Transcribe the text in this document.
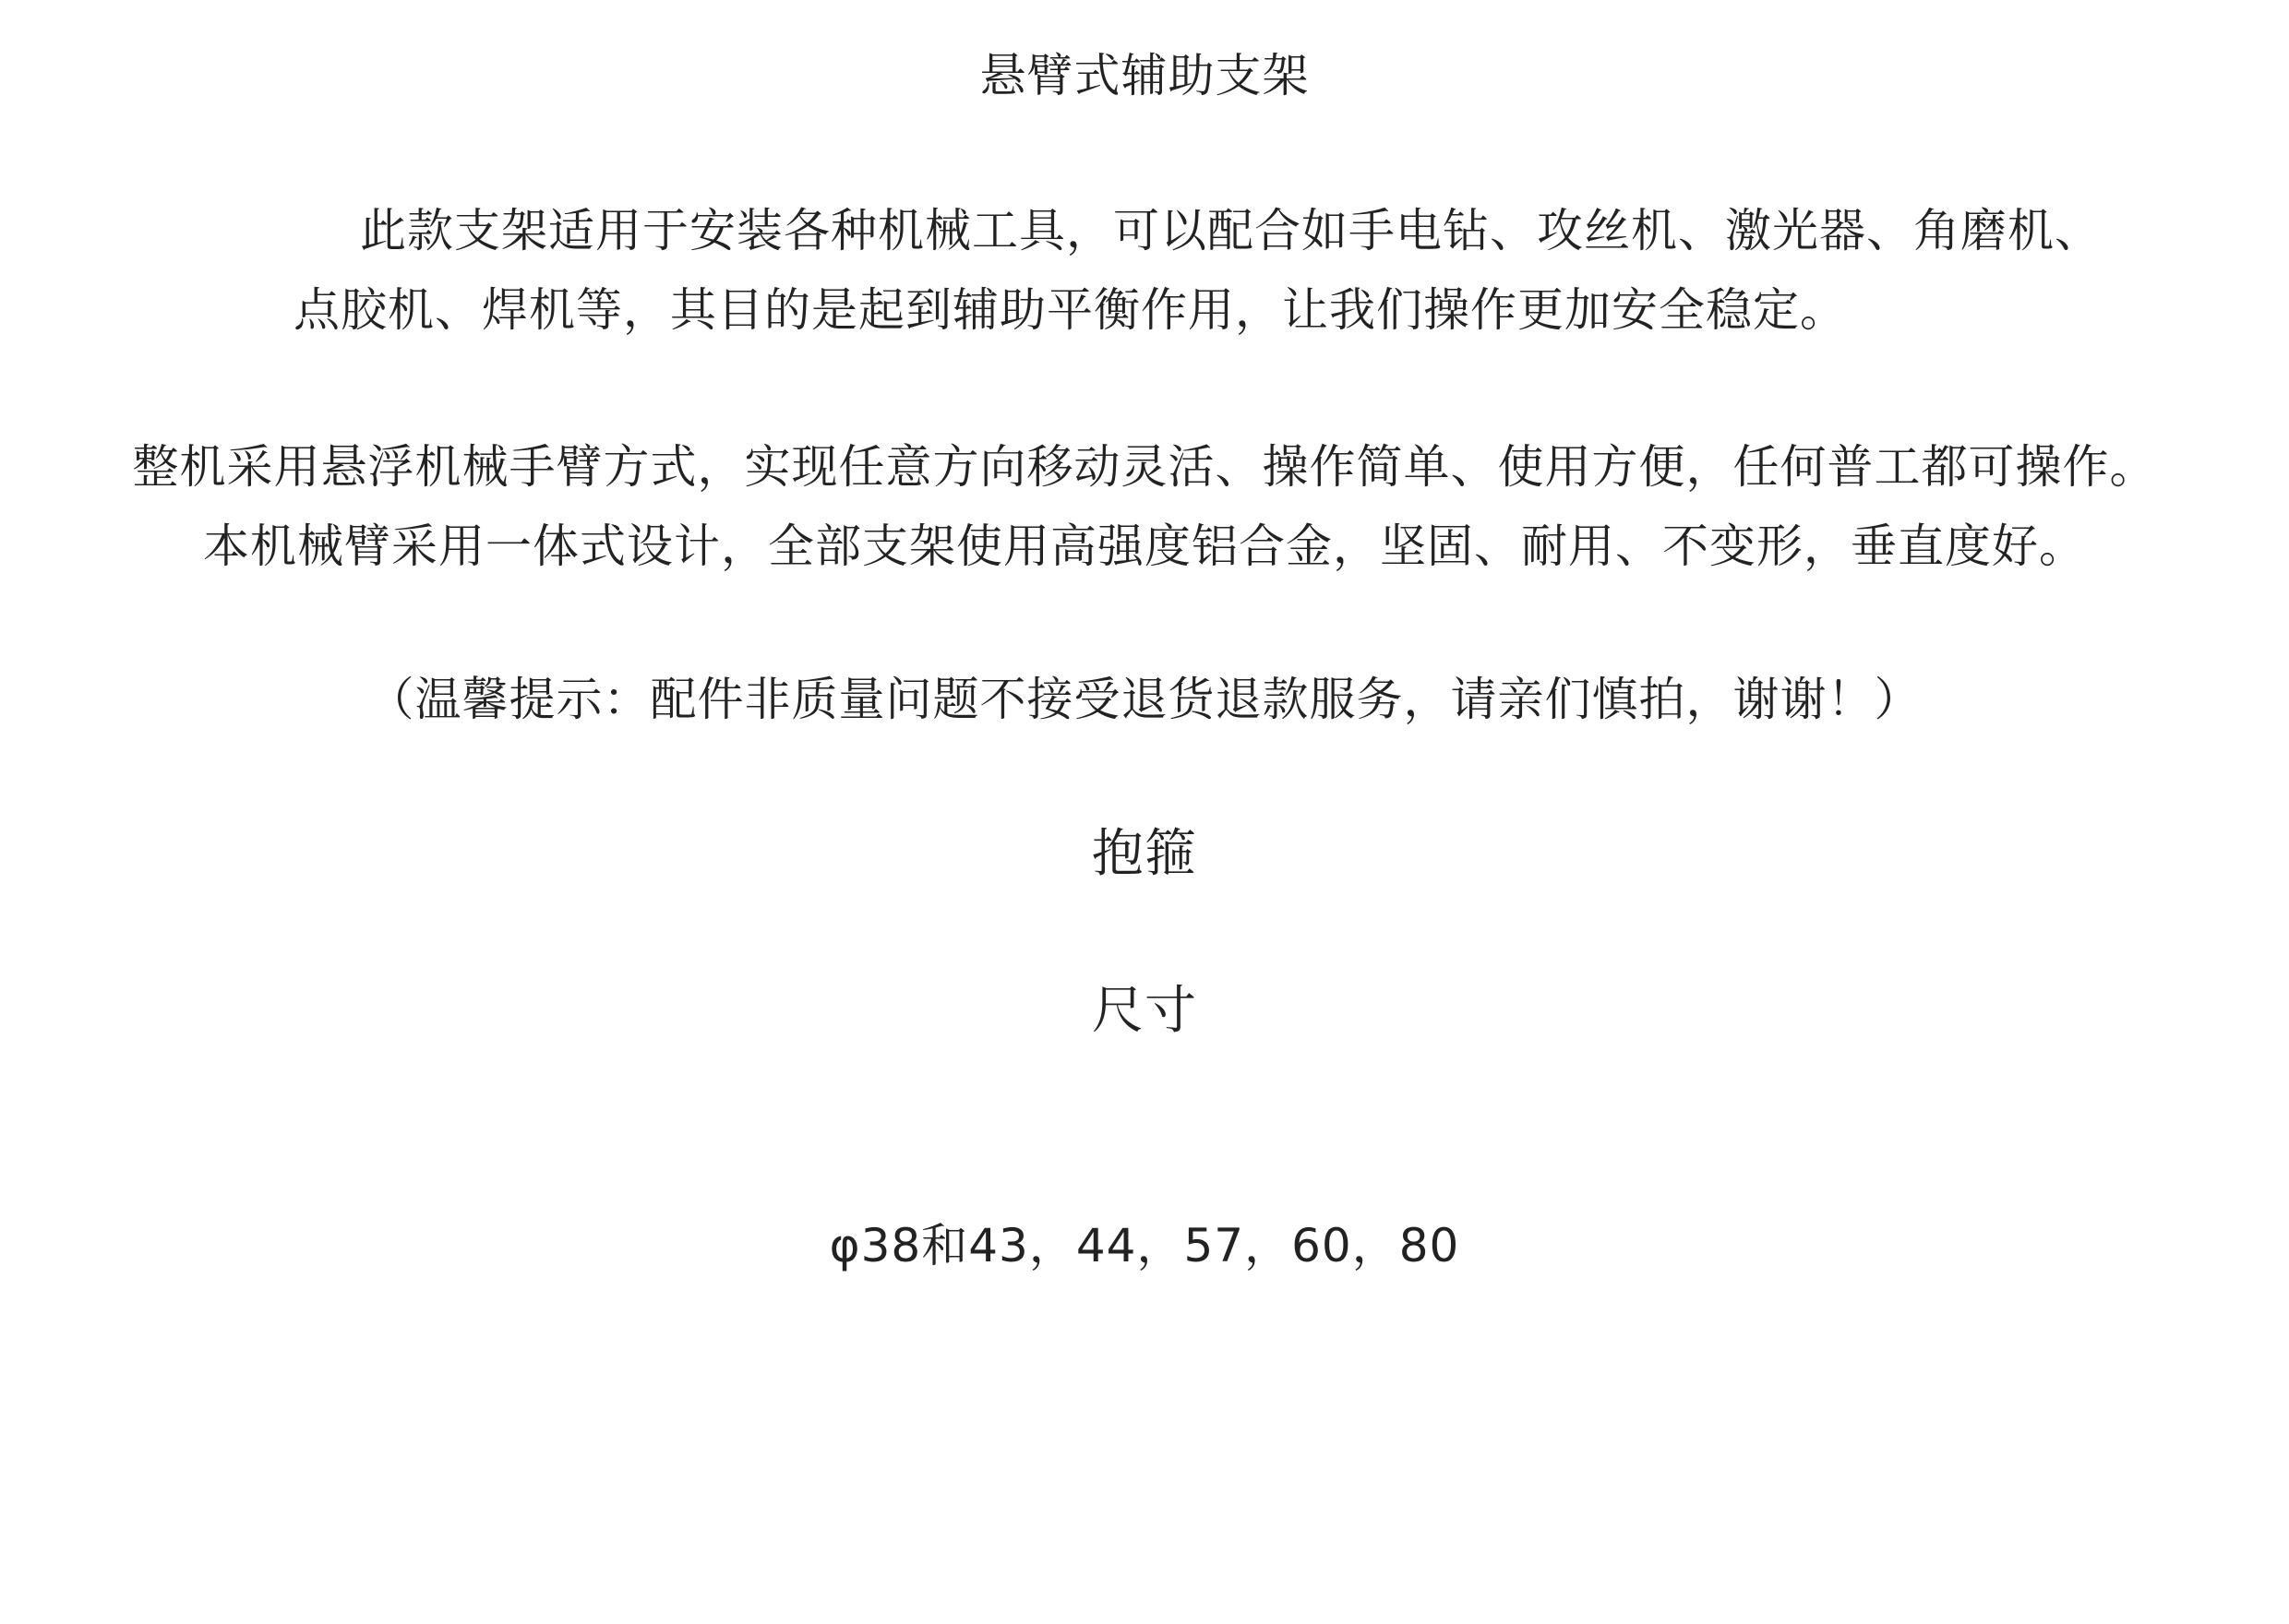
悬臂式辅助支架
此款支架适用于安装各种机械工具，可以配合如手电钻、攻丝机、激光器、角磨机、
点胶机、焊机等，其目的是起到辅助平衡作用，让我们操作更加安全稳定。
整机采用悬浮机械手臂方式，实现任意方向移动灵活、操作简单、使用方便，任何普工都可操作。
本机械臂采用一体式设计，全部支架使用高强度铝合金，坚固、耐用、不变形，垂直度好。
（温馨提示：配件非质量问题不接受退货退款服务，请亲们慎拍，谢谢！）
抱箍
尺寸
φ38和43，44，57，60，80
